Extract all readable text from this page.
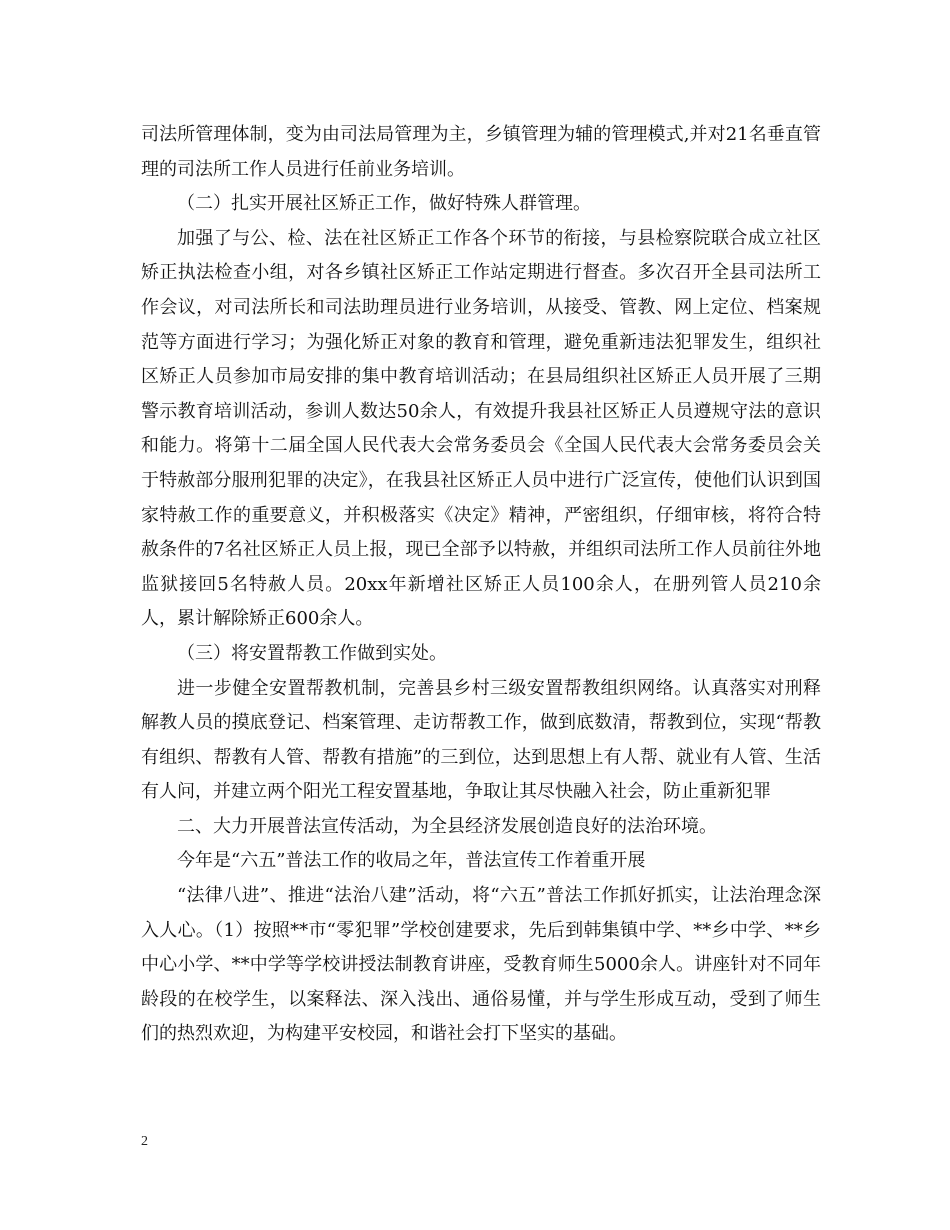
司法所管理体制，变为由司法局管理为主，乡镇管理为辅的管理模式,并对21名垂直管理的司法所工作人员进行任前业务培训。

（二）扎实开展社区矫正工作，做好特殊人群管理。

加强了与公、检、法在社区矫正工作各个环节的衔接，与县检察院联合成立社区矫正执法检查小组，对各乡镇社区矫正工作站定期进行督查。多次召开全县司法所工作会议，对司法所长和司法助理员进行业务培训，从接受、管教、网上定位、档案规范等方面进行学习；为强化矫正对象的教育和管理，避免重新违法犯罪发生，组织社区矫正人员参加市局安排的集中教育培训活动；在县局组织社区矫正人员开展了三期警示教育培训活动，参训人数达50余人，有效提升我县社区矫正人员遵规守法的意识和能力。将第十二届全国人民代表大会常务委员会《全国人民代表大会常务委员会关于特赦部分服刑犯罪的决定》，在我县社区矫正人员中进行广泛宣传，使他们认识到国家特赦工作的重要意义，并积极落实《决定》精神，严密组织，仔细审核，将符合特赦条件的7名社区矫正人员上报，现已全部予以特赦，并组织司法所工作人员前往外地监狱接回5名特赦人员。20xx年新增社区矫正人员100余人，在册列管人员210余人，累计解除矫正600余人。

（三）将安置帮教工作做到实处。

进一步健全安置帮教机制，完善县乡村三级安置帮教组织网络。认真落实对刑释解教人员的摸底登记、档案管理、走访帮教工作，做到底数清，帮教到位，实现“帮教有组织、帮教有人管、帮教有措施”的三到位，达到思想上有人帮、就业有人管、生活有人问，并建立两个阳光工程安置基地，争取让其尽快融入社会，防止重新犯罪

二、大力开展普法宣传活动，为全县经济发展创造良好的法治环境。

今年是“六五”普法工作的收局之年，普法宣传工作着重开展

“法律八进”、推进“法治八建”活动，将“六五”普法工作抓好抓实，让法治理念深入人心。（1）按照**市“零犯罪”学校创建要求，先后到韩集镇中学、**乡中学、**乡中心小学、**中学等学校讲授法制教育讲座，受教育师生5000余人。讲座针对不同年龄段的在校学生，以案释法、深入浅出、通俗易懂，并与学生形成互动，受到了师生们的热烈欢迎，为构建平安校园，和谐社会打下坚实的基础。

2
